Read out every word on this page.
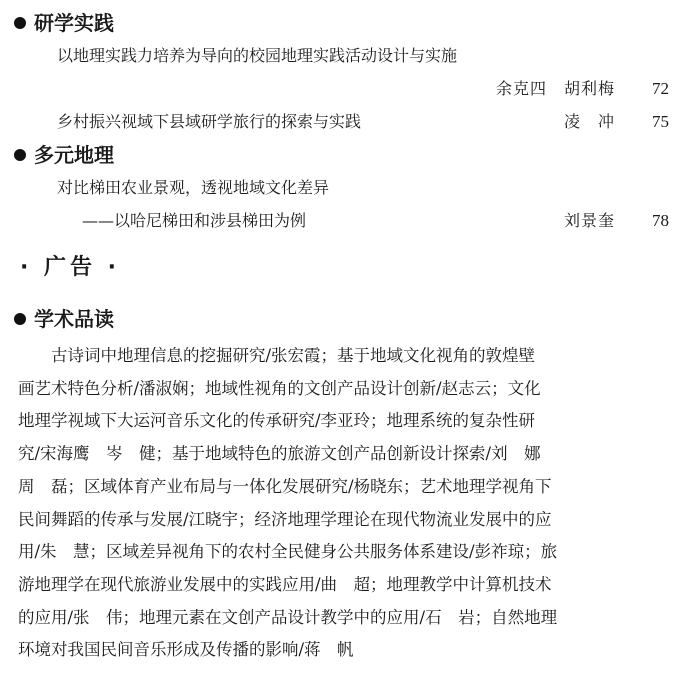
研学实践
以地理实践力培养为导向的校园地理实践活动设计与实施
余克四　胡利梅	72
乡村振兴视域下县域研学旅行的探索与实践	凌　冲	75
多元地理
对比梯田农业景观，透视地域文化差异
——以哈尼梯田和涉县梯田为例	刘景奎	78
· 广告 ·
学术品读
　　古诗词中地理信息的挖掘研究/张宏霞；基于地域文化视角的敦煌壁
画艺术特色分析/潘淑娴；地域性视角的文创产品设计创新/赵志云；文化
地理学视域下大运河音乐文化的传承研究/李亚玲；地理系统的复杂性研
究/宋海鹰　岑　健；基于地域特色的旅游文创产品创新设计探索/刘　娜
周　磊；区域体育产业布局与一体化发展研究/杨晓东；艺术地理学视角下
民间舞蹈的传承与发展/江晓宇；经济地理学理论在现代物流业发展中的应
用/朱　慧；区域差异视角下的农村全民健身公共服务体系建设/彭祚琼；旅
游地理学在现代旅游业发展中的实践应用/曲　超；地理教学中计算机技术
的应用/张　伟；地理元素在文创产品设计教学中的应用/石　岩；自然地理
环境对我国民间音乐形成及传播的影响/蒋　帆
